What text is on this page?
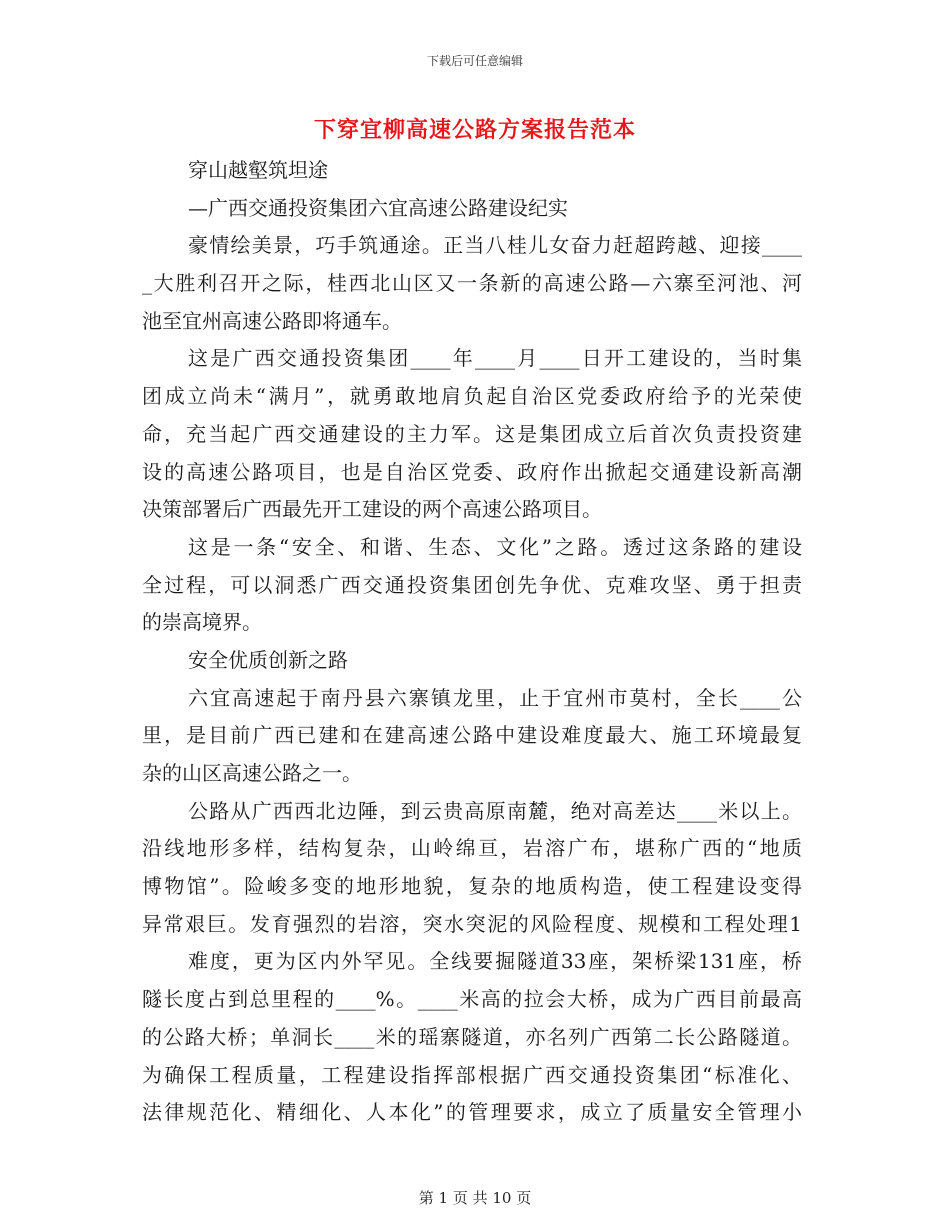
下载后可任意编辑
下穿宜柳高速公路方案报告范本
穿山越壑筑坦途
—广西交通投资集团六宜高速公路建设纪实
豪情绘美景，巧手筑通途。正当八桂儿女奋力赶超跨越、迎接____
_大胜利召开之际，桂西北山区又一条新的高速公路—六寨至河池、河
池至宜州高速公路即将通车。
这是广西交通投资集团____年____月____日开工建设的，当时集
团成立尚未“满月”，就勇敢地肩负起自治区党委政府给予的光荣使
命，充当起广西交通建设的主力军。这是集团成立后首次负责投资建
设的高速公路项目，也是自治区党委、政府作出掀起交通建设新高潮
决策部署后广西最先开工建设的两个高速公路项目。
这是一条“安全、和谐、生态、文化”之路。透过这条路的建设
全过程，可以洞悉广西交通投资集团创先争优、克难攻坚、勇于担责
的崇高境界。
安全优质创新之路
六宜高速起于南丹县六寨镇龙里，止于宜州市莫村，全长____公
里，是目前广西已建和在建高速公路中建设难度最大、施工环境最复
杂的山区高速公路之一。
公路从广西西北边陲，到云贵高原南麓，绝对高差达____米以上。
沿线地形多样，结构复杂，山岭绵亘，岩溶广布，堪称广西的“地质
博物馆”。险峻多变的地形地貌，复杂的地质构造，使工程建设变得
异常艰巨。发育强烈的岩溶，突水突泥的风险程度、规模和工程处理1
难度，更为区内外罕见。全线要掘隧道33座，架桥梁131座，桥
隧长度占到总里程的____%。____米高的拉会大桥，成为广西目前最高
的公路大桥；单洞长____米的瑶寨隧道，亦名列广西第二长公路隧道。
为确保工程质量，工程建设指挥部根据广西交通投资集团“标准化、
法律规范化、精细化、人本化”的管理要求，成立了质量安全管理小
第 1 页 共 10 页
